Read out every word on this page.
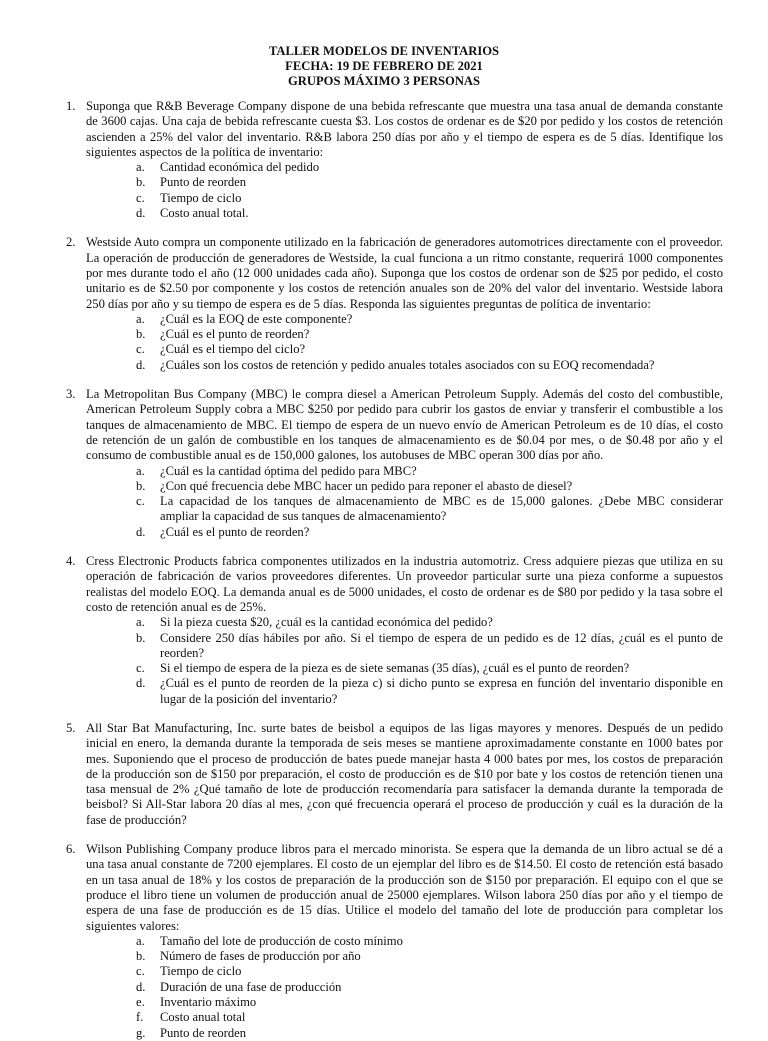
TALLER MODELOS DE INVENTARIOS
FECHA: 19 DE FEBRERO DE 2021
GRUPOS MÁXIMO 3 PERSONAS
1. Suponga que R&B Beverage Company dispone de una bebida refrescante que muestra una tasa anual de demanda constante de 3600 cajas. Una caja de bebida refrescante cuesta $3. Los costos de ordenar es de $20 por pedido y los costos de retención ascienden a 25% del valor del inventario. R&B labora 250 días por año y el tiempo de espera es de 5 días. Identifique los siguientes aspectos de la política de inventario:
a.	Cantidad económica del pedido
b.	Punto de reorden
c.	Tiempo de ciclo
d.	Costo anual total.
2. Westside Auto compra un componente utilizado en la fabricación de generadores automotrices directamente con el proveedor. La operación de producción de generadores de Westside, la cual funciona a un ritmo constante, requerirá 1000 componentes por mes durante todo el año (12 000 unidades cada año). Suponga que los costos de ordenar son de $25 por pedido, el costo unitario es de $2.50 por componente y los costos de retención anuales son de 20% del valor del inventario. Westside labora 250 días por año y su tiempo de espera es de 5 días. Responda las siguientes preguntas de política de inventario:
a.	¿Cuál es la EOQ de este componente?
b.	¿Cuál es el punto de reorden?
c.	¿Cuál es el tiempo del ciclo?
d.	¿Cuáles son los costos de retención y pedido anuales totales asociados con su EOQ recomendada?
3. La Metropolitan Bus Company (MBC) le compra diesel a American Petroleum Supply. Además del costo del combustible, American Petroleum Supply cobra a MBC $250 por pedido para cubrir los gastos de enviar y transferir el combustible a los tanques de almacenamiento de MBC. El tiempo de espera de un nuevo envío de American Petroleum es de 10 días, el costo de retención de un galón de combustible en los tanques de almacenamiento es de $0.04 por mes, o de $0.48 por año y el consumo de combustible anual es de 150,000 galones, los autobuses de MBC operan 300 días por año.
a.	¿Cuál es la cantidad óptima del pedido para MBC?
b.	¿Con qué frecuencia debe MBC hacer un pedido para reponer el abasto de diesel?
c.	La capacidad de los tanques de almacenamiento de MBC es de 15,000 galones. ¿Debe MBC considerar ampliar la capacidad de sus tanques de almacenamiento?
d.	¿Cuál es el punto de reorden?
4. Cress Electronic Products fabrica componentes utilizados en la industria automotriz. Cress adquiere piezas que utiliza en su operación de fabricación de varios proveedores diferentes. Un proveedor particular surte una pieza conforme a supuestos realistas del modelo EOQ. La demanda anual es de 5000 unidades, el costo de ordenar es de $80 por pedido y la tasa sobre el costo de retención anual es de 25%.
a.	Si la pieza cuesta $20, ¿cuál es la cantidad económica del pedido?
b.	Considere 250 días hábiles por año. Si el tiempo de espera de un pedido es de 12 días, ¿cuál es el punto de reorden?
c.	Si el tiempo de espera de la pieza es de siete semanas (35 días), ¿cuál es el punto de reorden?
d.	¿Cuál es el punto de reorden de la pieza c) si dicho punto se expresa en función del inventario disponible en lugar de la posición del inventario?
5. All Star Bat Manufacturing, Inc. surte bates de beisbol a equipos de las ligas mayores y menores. Después de un pedido inicial en enero, la demanda durante la temporada de seis meses se mantiene aproximadamente constante en 1000 bates por mes. Suponiendo que el proceso de producción de bates puede manejar hasta 4 000 bates por mes, los costos de preparación de la producción son de $150 por preparación, el costo de producción es de $10 por bate y los costos de retención tienen una tasa mensual de 2% ¿Qué tamaño de lote de producción recomendaría para satisfacer la demanda durante la temporada de beisbol? Si All-Star labora 20 días al mes, ¿con qué frecuencia operará el proceso de producción y cuál es la duración de la fase de producción?
6. Wilson Publishing Company produce libros para el mercado minorista. Se espera que la demanda de un libro actual se dé a una tasa anual constante de 7200 ejemplares. El costo de un ejemplar del libro es de $14.50. El costo de retención está basado en un tasa anual de 18% y los costos de preparación de la producción son de $150 por preparación. El equipo con el que se produce el libro tiene un volumen de producción anual de 25000 ejemplares. Wilson labora 250 días por año y el tiempo de espera de una fase de producción es de 15 días. Utilice el modelo del tamaño del lote de producción para completar los siguientes valores:
a.	Tamaño del lote de producción de costo mínimo
b.	Número de fases de producción por año
c.	Tiempo de ciclo
d.	Duración de una fase de producción
e.	Inventario máximo
f.	Costo anual total
g.	Punto de reorden
